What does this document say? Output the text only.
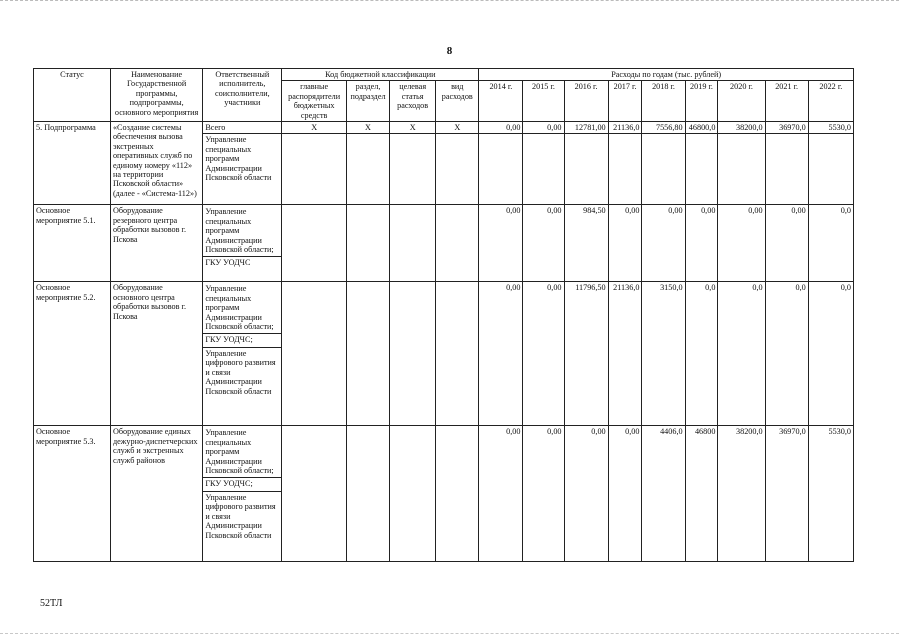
8
Статус	Наименование Государственной программы, подпрограммы, основного мероприятия	Ответственный исполнитель, соисполнители, участники	Код бюджетной классификации				Расходы по годам (тыс. рублей)								
			главные распорядители бюджетных средств	раздел, подраздел	целевая статья расходов	вид расходов	2014 г.	2015 г.	2016 г.	2017 г.	2018 г.	2019 г.	2020 г.	2021 г.	2022 г.
5. Подпрограмма	«Создание системы обеспечения вызова экстренных оперативных служб по единому номеру «112» на территории Псковской области» (далее - «Система-112»)	Всего	Х	Х	Х	Х	0,00	0,00	12781,00	21136,0	7556,80	46800,0	38200,0	36970,0	5530,0
		Управление специальных программ Администрации Псковской области													
Основное мероприятие 5.1.	Оборудование резервного центра обработки вызовов г. Пскова	Управление специальных программ Администрации Псковской области;
ГКУ УОДЧС					0,00	0,00	984,50	0,00	0,00	0,00	0,00	0,00	0,0
Основное мероприятие 5.2.	Оборудование основного центра обработки вызовов г. Пскова	Управление специальных программ Администрации Псковской области;
ГКУ УОДЧС;
Управление цифрового развития и связи Администрации Псковской области					0,00	0,00	11796,50	21136,0	3150,0	0,0	0,0	0,0	0,0
Основное мероприятие 5.3.	Оборудование единых дежурно-диспетчерских служб и экстренных служб районов	Управление специальных программ Администрации Псковской области;
ГКУ УОДЧС;
Управление цифрового развития и связи Администрации Псковской области					0,00	0,00	0,00	0,00	4406,0	46800	38200,0	36970,0	5530,0
52ТЛ
